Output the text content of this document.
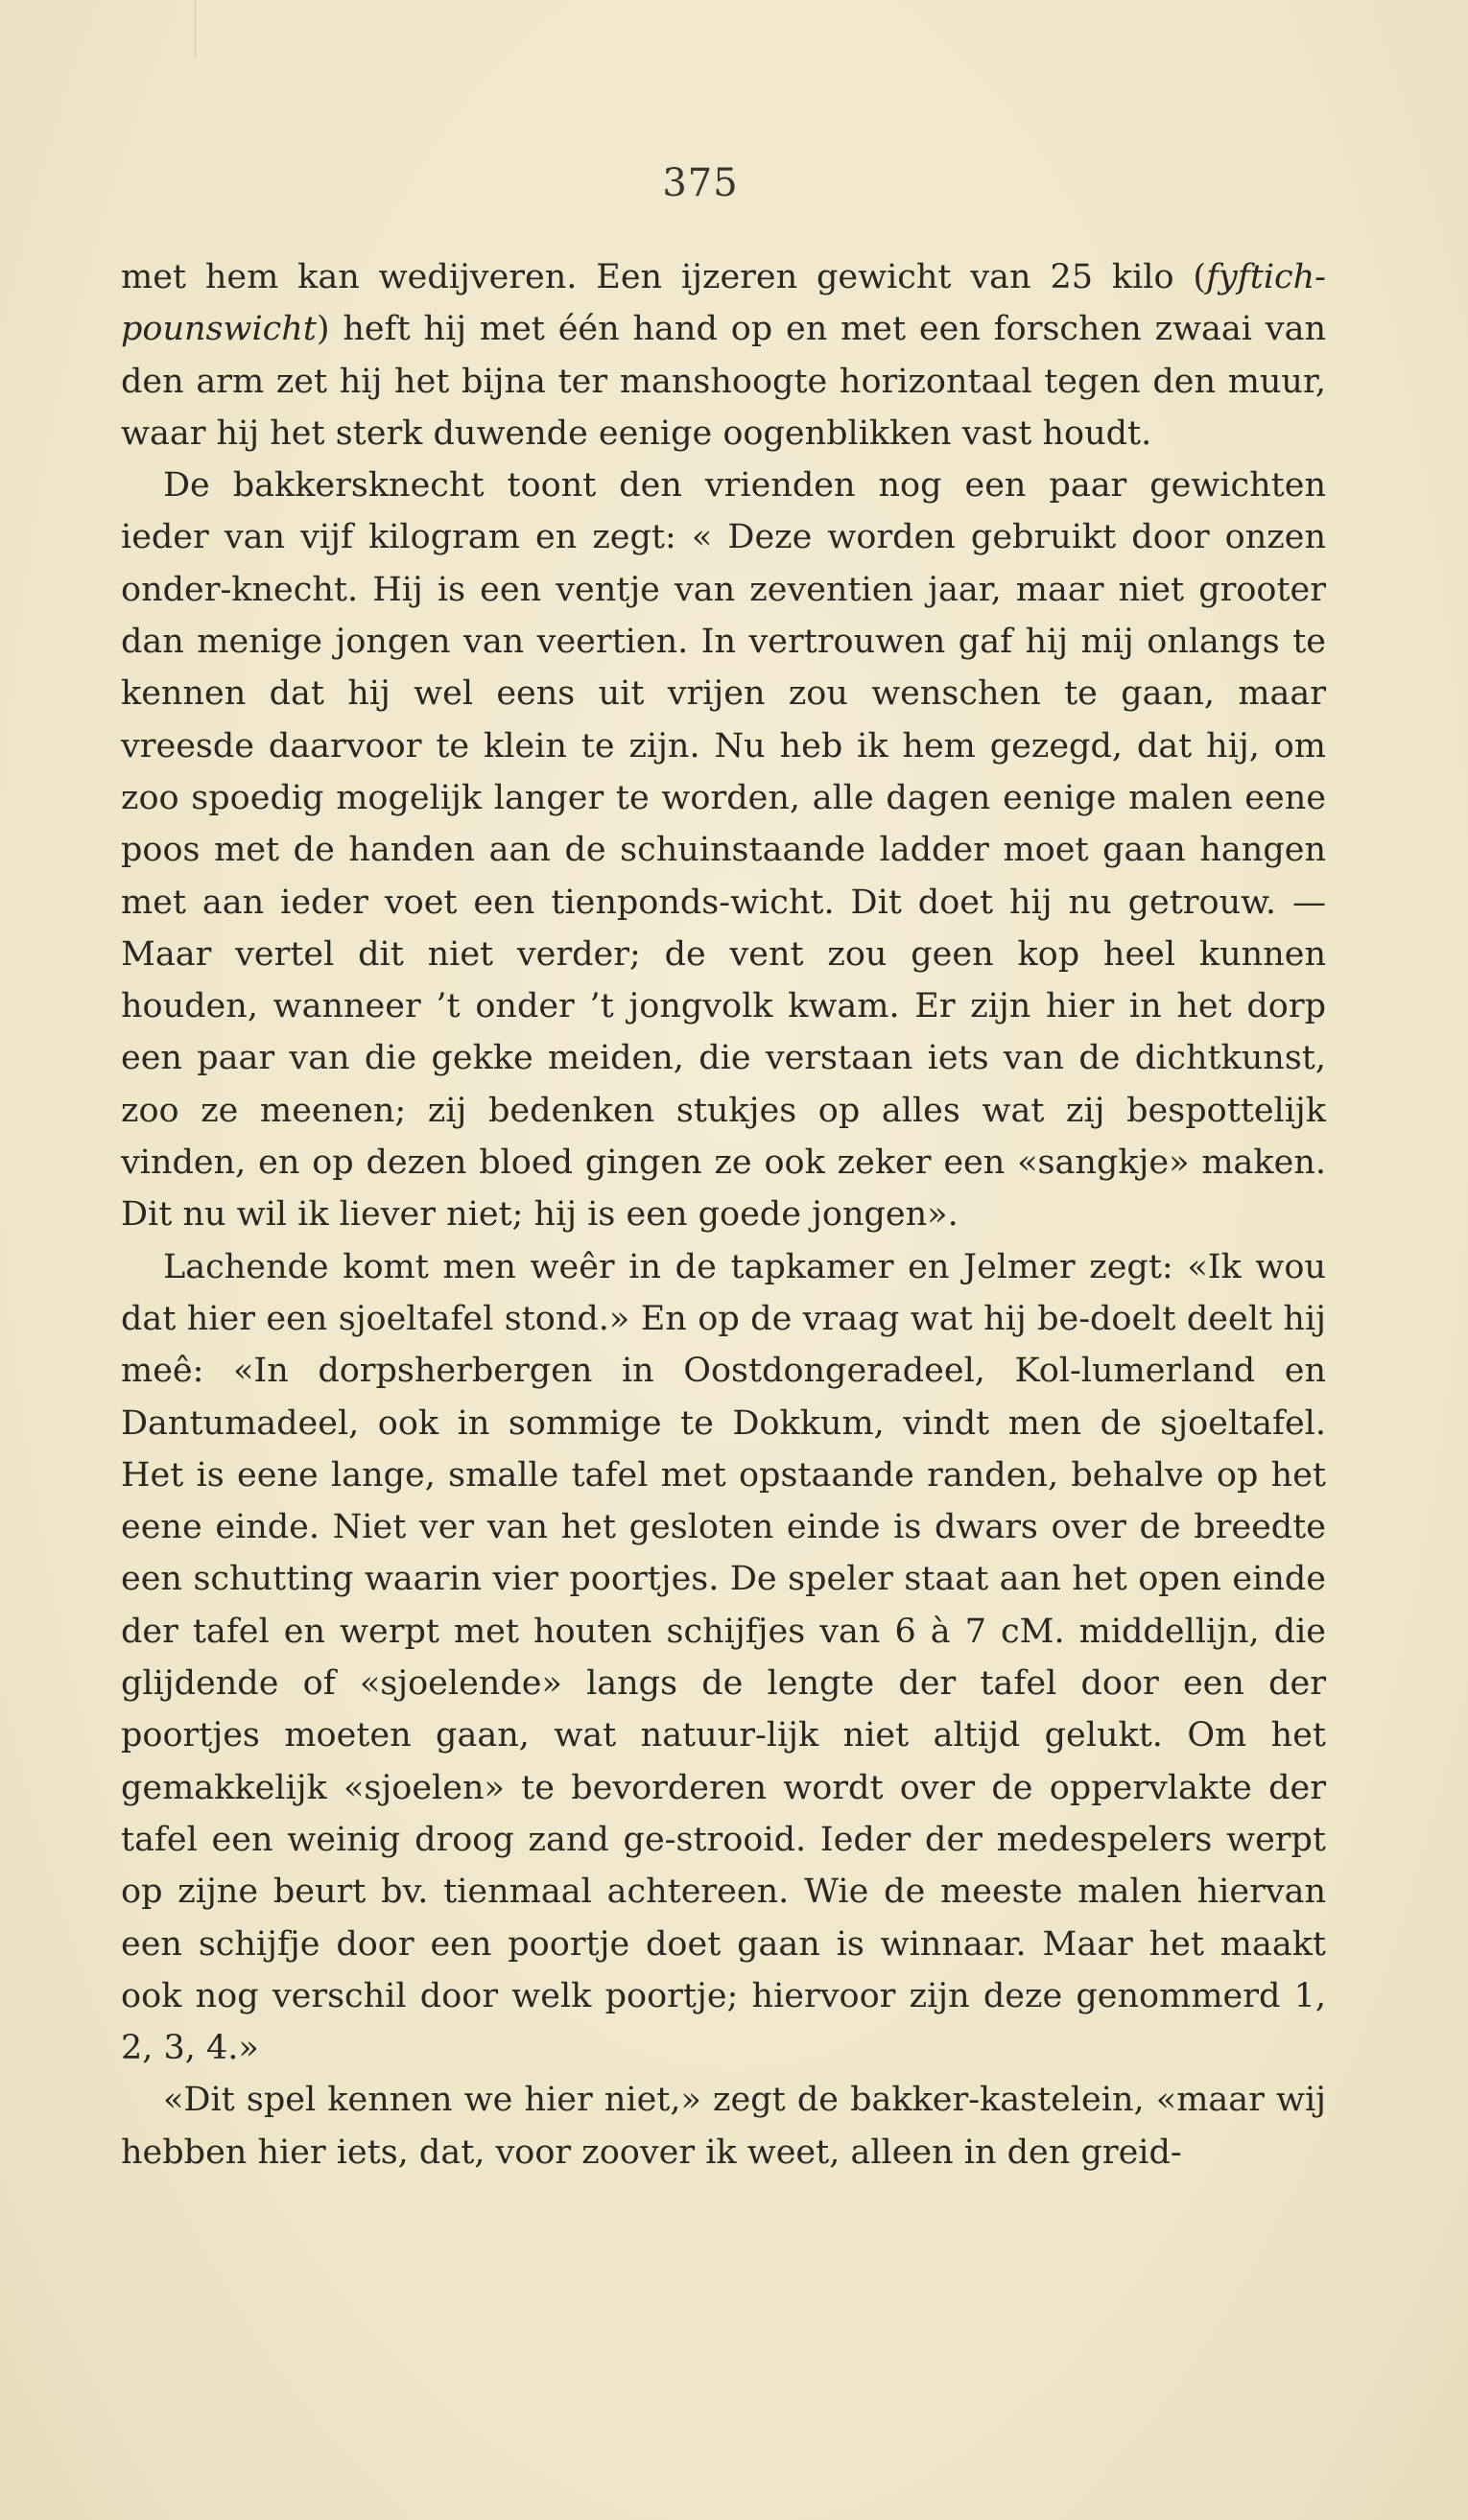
375

met hem kan wedijveren. Een ijzeren gewicht van 25 kilo (fyftich-pounswicht) heft hij met één hand op en met een forschen zwaai van den arm zet hij het bijna ter manshoogte horizontaal tegen den muur, waar hij het sterk duwende eenige oogenblikken vast houdt.

De bakkersknecht toont den vrienden nog een paar gewichten ieder van vijf kilogram en zegt: « Deze worden gebruikt door onzen onder-knecht. Hij is een ventje van zeventien jaar, maar niet grooter dan menige jongen van veertien. In vertrouwen gaf hij mij onlangs te kennen dat hij wel eens uit vrijen zou wenschen te gaan, maar vreesde daarvoor te klein te zijn. Nu heb ik hem gezegd, dat hij, om zoo spoedig mogelijk langer te worden, alle dagen eenige malen eene poos met de handen aan de schuinstaande ladder moet gaan hangen met aan ieder voet een tienponds-wicht. Dit doet hij nu getrouw. — Maar vertel dit niet verder; de vent zou geen kop heel kunnen houden, wanneer ’t onder ’t jongvolk kwam. Er zijn hier in het dorp een paar van die gekke meiden, die verstaan iets van de dichtkunst, zoo ze meenen; zij bedenken stukjes op alles wat zij bespottelijk vinden, en op dezen bloed gingen ze ook zeker een «sangkje» maken. Dit nu wil ik liever niet; hij is een goede jongen».

Lachende komt men weêr in de tapkamer en Jelmer zegt: «Ik wou dat hier een sjoeltafel stond.» En op de vraag wat hij be-doelt deelt hij meê: «In dorpsherbergen in Oostdongeradeel, Kol-lumerland en Dantumadeel, ook in sommige te Dokkum, vindt men de sjoeltafel. Het is eene lange, smalle tafel met opstaande randen, behalve op het eene einde. Niet ver van het gesloten einde is dwars over de breedte een schutting waarin vier poortjes. De speler staat aan het open einde der tafel en werpt met houten schijfjes van 6 à 7 cM. middellijn, die glijdende of «sjoelende» langs de lengte der tafel door een der poortjes moeten gaan, wat natuur-lijk niet altijd gelukt. Om het gemakkelijk «sjoelen» te bevorderen wordt over de oppervlakte der tafel een weinig droog zand ge-strooid. Ieder der medespelers werpt op zijne beurt bv. tienmaal achtereen. Wie de meeste malen hiervan een schijfje door een poortje doet gaan is winnaar. Maar het maakt ook nog verschil door welk poortje; hiervoor zijn deze genommerd 1, 2, 3, 4.»

«Dit spel kennen we hier niet,» zegt de bakker-kastelein, «maar wij hebben hier iets, dat, voor zoover ik weet, alleen in den greid-
